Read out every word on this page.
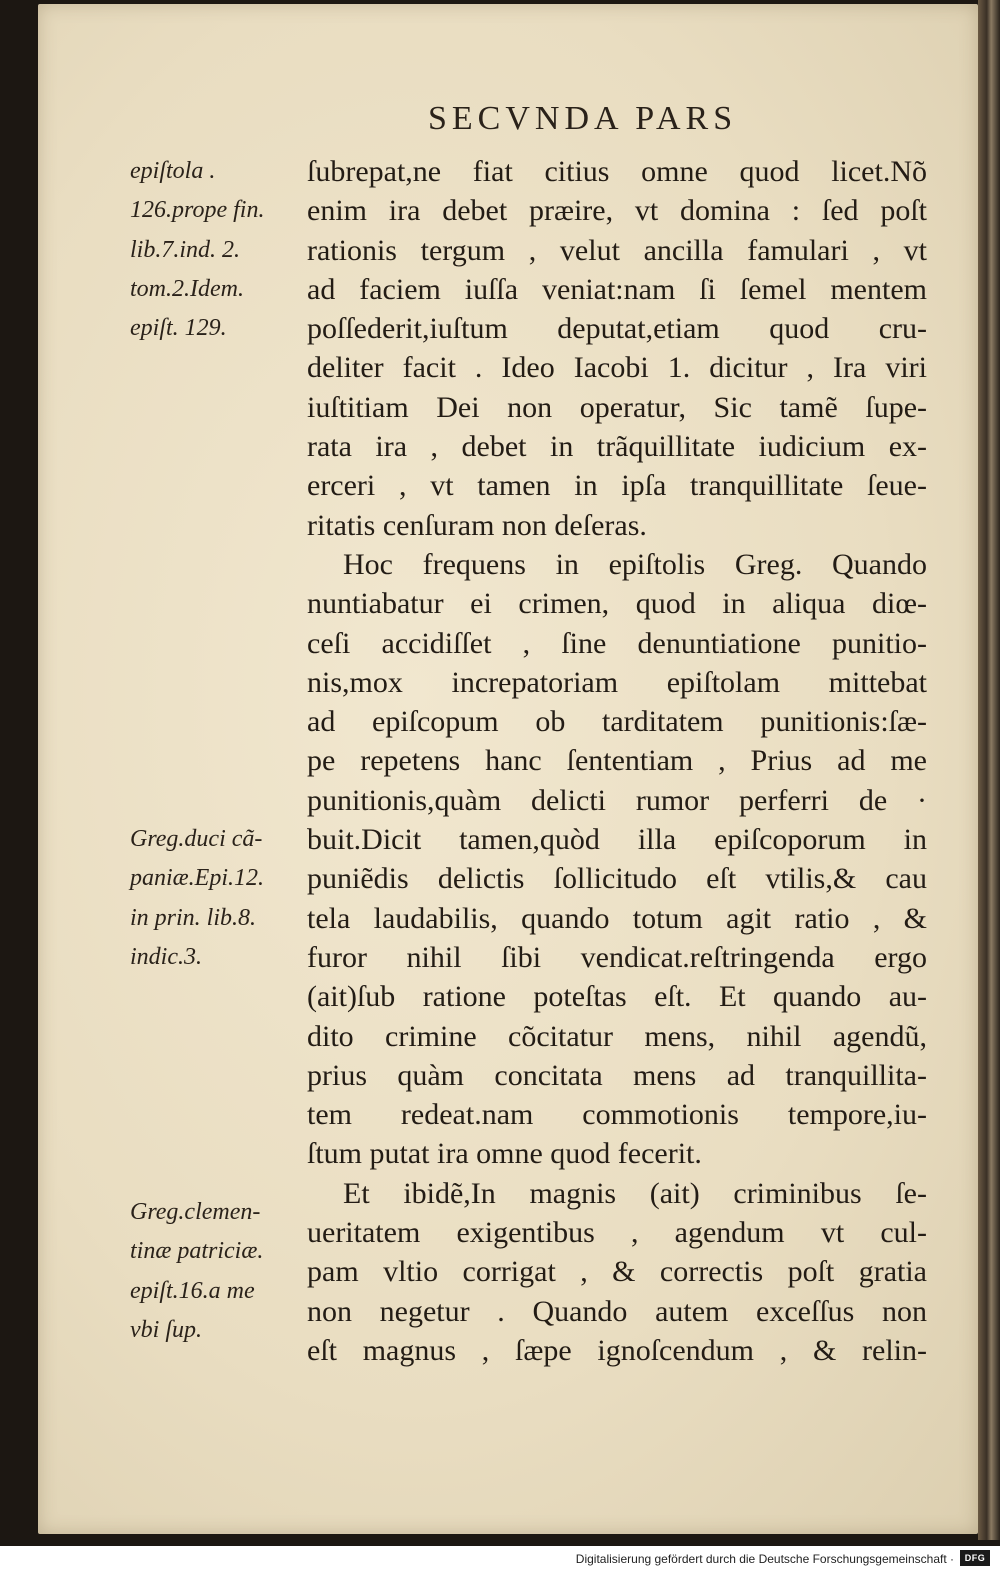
SECVNDA PARS
epiſtola .
126.prope fin.
lib.7.ind. 2.
tom.2.Idem.
epiſt. 129.
Greg.duci cã-
paniæ.Epi.12.
in prin. lib.8.
indic.3.
Greg.clemen-
tinæ patriciæ.
epiſt.16.a me
vbi ſup.
ſubrepat,ne fiat citius omne quod licet.Nõ
enim ira debet præire, vt domina : ſed poſt
rationis tergum , velut ancilla famulari , vt
ad faciem iuſſa veniat:nam ſi ſemel mentem
poſſederit,iuſtum deputat,etiam quod cru-
deliter facit . Ideo Iacobi 1. dicitur , Ira viri
iuſtitiam Dei non operatur, Sic tamẽ ſupe-
rata ira , debet in trãquillitate iudicium ex-
erceri , vt tamen in ipſa tranquillitate ſeue-
ritatis cenſuram non deſeras.
Hoc frequens in epiſtolis Greg. Quando
nuntiabatur ei crimen, quod in aliqua diœ-
ceſi accidiſſet , ſine denuntiatione punitio-
nis,mox increpatoriam epiſtolam mittebat
ad epiſcopum ob tarditatem punitionis:ſæ-
pe repetens hanc ſententiam , Prius ad me
punitionis,quàm delicti rumor perferri de ·
buit.Dicit tamen,quòd illa epiſcoporum in
puniẽdis delictis ſollicitudo eſt vtilis,& cau
tela laudabilis, quando totum agit ratio , &
furor nihil ſibi vendicat.reſtringenda ergo
(ait)ſub ratione poteſtas eſt. Et quando au-
dito crimine cõcitatur mens, nihil agendũ,
prius quàm concitata mens ad tranquillita-
tem redeat.nam commotionis tempore,iu-
ſtum putat ira omne quod fecerit.
Et ibidẽ,In magnis (ait) criminibus ſe-
ueritatem exigentibus , agendum vt cul-
pam vltio corrigat , & correctis poſt gratia
non negetur . Quando autem exceſſus non
eſt magnus , ſæpe ignoſcendum , & relin-
Digitalisierung gefördert durch die Deutsche Forschungsgemeinschaft ·	DFG
